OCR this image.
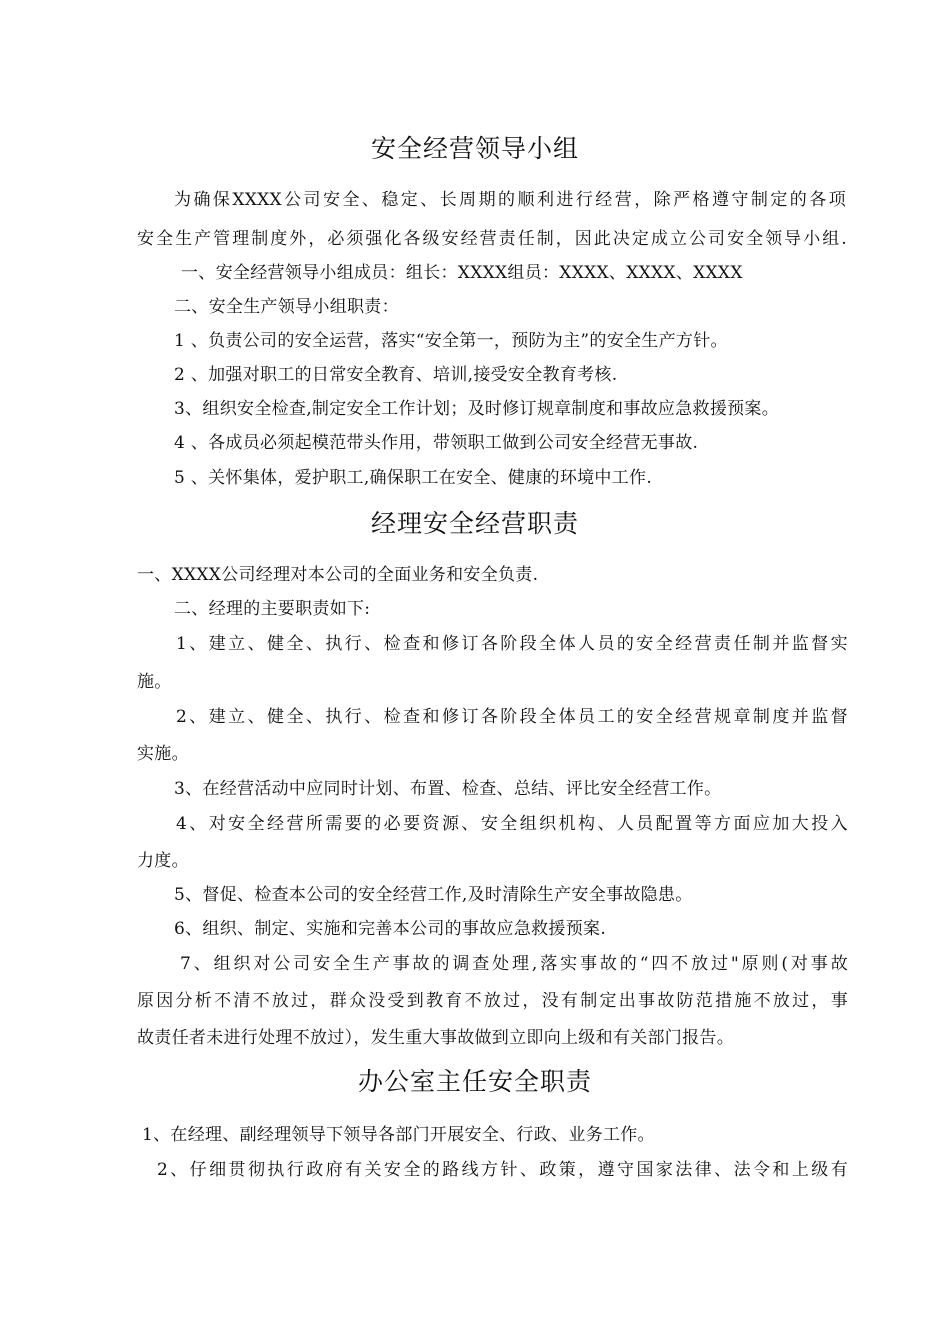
安全经营领导小组
为确保XXXX公司安全、稳定、长周期的顺利进行经营，除严格遵守制定的各项
安全生产管理制度外，必须强化各级安经营责任制，因此决定成立公司安全领导小组.
一、安全经营领导小组成员：组长：XXXX组员：XXXX、XXXX、XXXX
二、安全生产领导小组职责：
1 、负责公司的安全运营，落实“安全第一，预防为主”的安全生产方针。
2 、加强对职工的日常安全教育、培训,接受安全教育考核.
3、组织安全检查,制定安全工作计划；及时修订规章制度和事故应急救援预案。
4 、各成员必须起模范带头作用，带领职工做到公司安全经营无事故.
5 、关怀集体，爱护职工,确保职工在安全、健康的环境中工作.
经理安全经营职责
一、XXXX公司经理对本公司的全面业务和安全负责.
二、经理的主要职责如下:
1、建立、健全、执行、检查和修订各阶段全体人员的安全经营责任制并监督实
施。
2、建立、健全、执行、检查和修订各阶段全体员工的安全经营规章制度并监督
实施。
3、在经营活动中应同时计划、布置、检查、总结、评比安全经营工作。
4、对安全经营所需要的必要资源、安全组织机构、人员配置等方面应加大投入
力度。
5、督促、检查本公司的安全经营工作,及时清除生产安全事故隐患。
6、组织、制定、实施和完善本公司的事故应急救援预案.
7、组织对公司安全生产事故的调查处理,落实事故的“四不放过"原则(对事故
原因分析不清不放过，群众没受到教育不放过，没有制定出事故防范措施不放过，事
故责任者未进行处理不放过），发生重大事故做到立即向上级和有关部门报告。
办公室主任安全职责
1、在经理、副经理领导下领导各部门开展安全、行政、业务工作。
2、仔细贯彻执行政府有关安全的路线方针、政策，遵守国家法律、法令和上级有
